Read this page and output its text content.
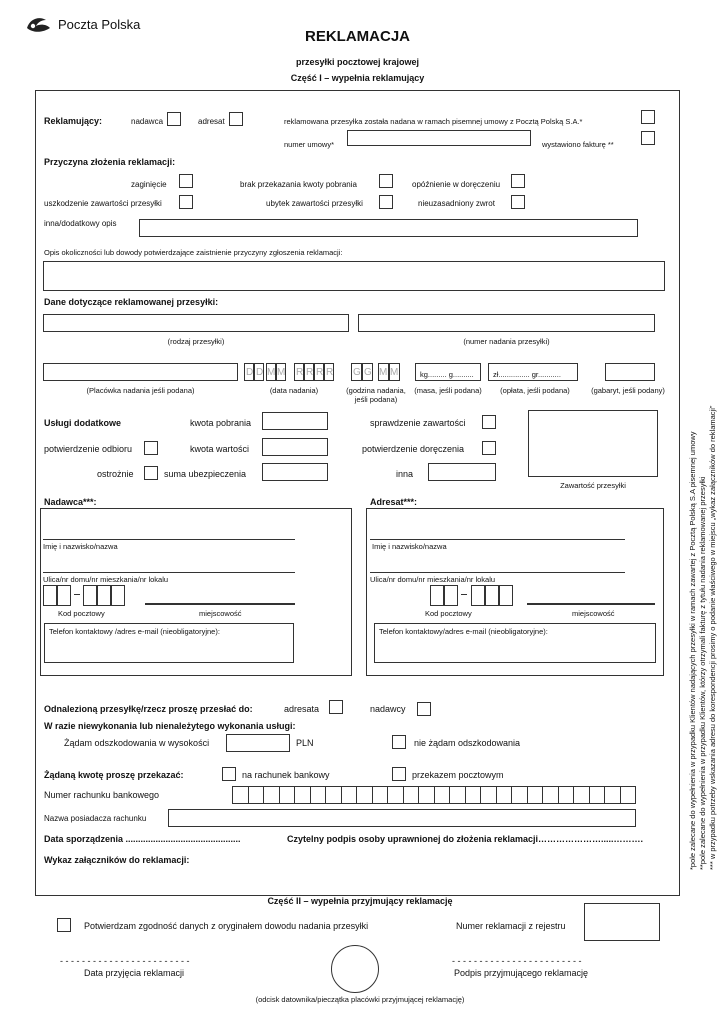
Poczta Polska
REKLAMACJA
przesyłki pocztowej krajowej
Część I – wypełnia reklamujący
Reklamujący:	nadawca	adresat	reklamowana przesyłka została nadana w ramach pisemnej umowy z Pocztą Polską S.A.*
numer umowy*	wystawiono fakturę **
Przyczyna złożenia reklamacji:
zaginięcie	brak przekazania kwoty pobrania	opóźnienie w doręczeniu
uszkodzenie zawartości przesyłki	ubytek zawartości przesyłki	nieuzasadniony zwrot
inna/dodatkowy opis
Opis okoliczności lub dowody potwierdzające zaistnienie przyczyny zgłoszenia reklamacji:
Dane dotyczące reklamowanej przesyłki:
(rodzaj przesyłki)	(numer nadania przesyłki)
D D M M R R R R G G M M	kg......... g..........	zł............... gr...........
(Placówka nadania jeśli podana)	(data nadania)	(godzina nadania, jeśli podana)
(masa, jeśli podana)	(opłata, jeśli podana)	(gabaryt, jeśli podany)
Usługi dodatkowe	kwota pobrania	sprawdzenie zawartości
potwierdzenie odbioru	kwota wartości	potwierdzenie doręczenia
ostrożnie	suma ubezpieczenia	inna
Zawartość przesyłki
Nadawca***:	Adresat***:
Imię i nazwisko/nazwa
Ulica/nr domu/nr mieszkania/nr lokalu
Kod pocztowy	miejscowość
Telefon kontaktowy /adres e-mail (nieobligatoryjne):
Imię i nazwisko/nazwa
Ulica/nr domu/nr mieszkania/nr lokalu
Kod pocztowy	miejscowość
Telefon kontaktowy/adres e-mail (nieobligatoryjne):
Odnalezioną przesyłkę/rzecz proszę przesłać do:	adresata	nadawcy
W razie niewykonania lub nienależytego wykonania usługi:
Żądam odszkodowania w wysokości	PLN	nie żądam odszkodowania
Żądaną kwotę proszę przekazać:	na rachunek bankowy	przekazem pocztowym
Numer rachunku bankowego
Nazwa posiadacza rachunku
Data sporządzenia ..............................................	Czytelny podpis osoby uprawnionej do złożenia reklamacji………………….....……….
Wykaz załączników do reklamacji:
Część II – wypełnia przyjmujący reklamację
Potwierdzam zgodność danych z oryginałem dowodu nadania przesyłki	Numer reklamacji z rejestru
- - - - - - - - - - - - - - - - - - - - - - - -
Data przyjęcia reklamacji
- - - - - - - - - - - - - - - - - - - - - - - -
Podpis przyjmującego reklamację
(odcisk datownika/pieczątka placówki przyjmującej reklamację)
*pole zalecane do wypełnienia w przypadku Klientów nadających przesyłki w ramach zawartej z Pocztą Polską S.A pisemnej umowy **pole zalecane do wypełnienia w przypadku Klientów, którzy otrzymali fakturę z tytułu nadania reklamowanej przesyłki *** w przypadku potrzeby wskazania adresu do korespondencji prosimy o podanie właściwego w miejscu „wykaz załączników do reklamacji”
